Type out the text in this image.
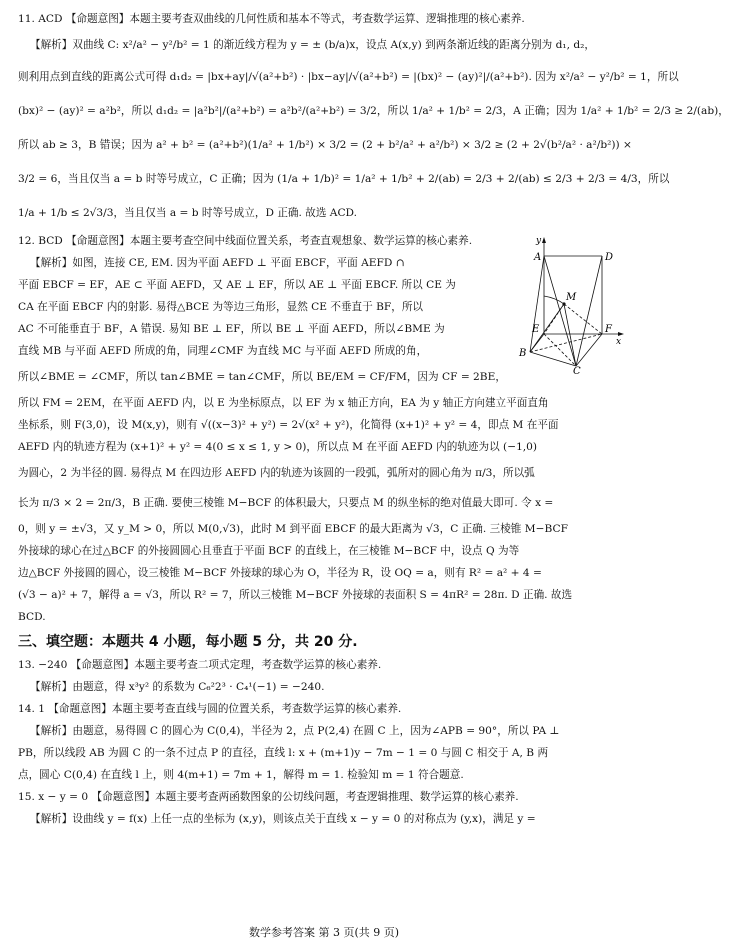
11. ACD 【命题意图】本题主要考查双曲线的几何性质和基本不等式，考查数学运算、逻辑推理的核心素养.

【解析】双曲线 C: x²/a² − y²/b² = 1 的渐近线方程为 y = ± (b/a)x，设点 A(x,y) 到两条渐近线的距离分别为 d₁, d₂，

则利用点到直线的距离公式可得 d₁d₂ = |bx+ay|/√(a²+b²) · |bx−ay|/√(a²+b²) = |(bx)² − (ay)²|/(a²+b²). 因为 x²/a² − y²/b² = 1，所以

(bx)² − (ay)² = a²b²，所以 d₁d₂ = |a²b²|/(a²+b²) = a²b²/(a²+b²) = 3/2，所以 1/a² + 1/b² = 2/3，A 正确；因为 1/a² + 1/b² = 2/3 ≥ 2/(ab)，

所以 ab ≥ 3，B 错误；因为 a² + b² = (a²+b²)(1/a² + 1/b²) × 3/2 = (2 + b²/a² + a²/b²) × 3/2 ≥ (2 + 2√(b²/a² · a²/b²)) ×

3/2 = 6，当且仅当 a = b 时等号成立，C 正确；因为 (1/a + 1/b)² = 1/a² + 1/b² + 2/(ab) = 2/3 + 2/(ab) ≤ 2/3 + 2/3 = 4/3，所以

1/a + 1/b ≤ 2√3/3，当且仅当 a = b 时等号成立，D 正确. 故选 ACD.

12. BCD 【命题意图】本题主要考查空间中线面位置关系，考查直观想象、数学运算的核心素养.

【解析】如图，连接 CE, EM. 因为平面 AEFD ⊥ 平面 EBCF，平面 AEFD ∩

平面 EBCF = EF，AE ⊂ 平面 AEFD，又 AE ⊥ EF，所以 AE ⊥ 平面 EBCF. 所以 CE 为

CA 在平面 EBCF 内的射影. 易得△BCE 为等边三角形，显然 CE 不垂直于 BF，所以

AC 不可能垂直于 BF，A 错误. 易知 BE ⊥ EF，所以 BE ⊥ 平面 AEFD，所以∠BME 为

直线 MB 与平面 AEFD 所成的角，同理∠CMF 为直线 MC 与平面 AEFD 所成的角，

所以∠BME = ∠CMF，所以 tan∠BME = tan∠CMF，所以 BE/EM = CF/FM，因为 CF = 2BE，

所以 FM = 2EM，在平面 AEFD 内，以 E 为坐标原点，以 EF 为 x 轴正方向，EA 为 y 轴正方向建立平面直角

坐标系，则 F(3,0)，设 M(x,y)，则有 √((x−3)² + y²) = 2√(x² + y²)，化简得 (x+1)² + y² = 4，即点 M 在平面

AEFD 内的轨迹方程为 (x+1)² + y² = 4(0 ≤ x ≤ 1, y > 0)，所以点 M 在平面 AEFD 内的轨迹为以 (−1,0)

为圆心，2 为半径的圆. 易得点 M 在四边形 AEFD 内的轨迹为该圆的一段弧，弧所对的圆心角为 π/3，所以弧

长为 π/3 × 2 = 2π/3，B 正确. 要使三棱锥 M−BCF 的体积最大，只要点 M 的纵坐标的绝对值最大即可. 令 x =

0，则 y = ±√3，又 y_M > 0，所以 M(0,√3)，此时 M 到平面 EBCF 的最大距离为 √3，C 正确. 三棱锥 M−BCF

外接球的球心在过△BCF 的外接圆圆心且垂直于平面 BCF 的直线上，在三棱锥 M−BCF 中，设点 Q 为等

边△BCF 外接圆的圆心，设三棱锥 M−BCF 外接球的球心为 O，半径为 R，设 OQ = a，则有 R² = a² + 4 =

(√3 − a)² + 7，解得 a = √3，所以 R² = 7，所以三棱锥 M−BCF 外接球的表面积 S = 4πR² = 28π. D 正确. 故选

BCD.

y
A	D
M
E	F
x
B
C
三、填空题：本题共 4 小题，每小题 5 分，共 20 分.

13. −240 【命题意图】本题主要考查二项式定理，考查数学运算的核心素养.

【解析】由题意，得 x³y² 的系数为 C₆²2³ · C₄¹(−1) = −240.

14. 1 【命题意图】本题主要考查直线与圆的位置关系，考查数学运算的核心素养.

【解析】由题意，易得圆 C 的圆心为 C(0,4)，半径为 2，点 P(2,4) 在圆 C 上，因为∠APB = 90°，所以 PA ⊥

PB，所以线段 AB 为圆 C 的一条不过点 P 的直径，直线 l: x + (m+1)y − 7m − 1 = 0 与圆 C 相交于 A, B 两

点，圆心 C(0,4) 在直线 l 上，则 4(m+1) = 7m + 1，解得 m = 1. 检验知 m = 1 符合题意.

15. x − y = 0 【命题意图】本题主要考查两函数图象的公切线问题，考查逻辑推理、数学运算的核心素养.

【解析】设曲线 y = f(x) 上任一点的坐标为 (x,y)，则该点关于直线 x − y = 0 的对称点为 (y,x)，满足 y =

数学参考答案 第 3 页(共 9 页)
